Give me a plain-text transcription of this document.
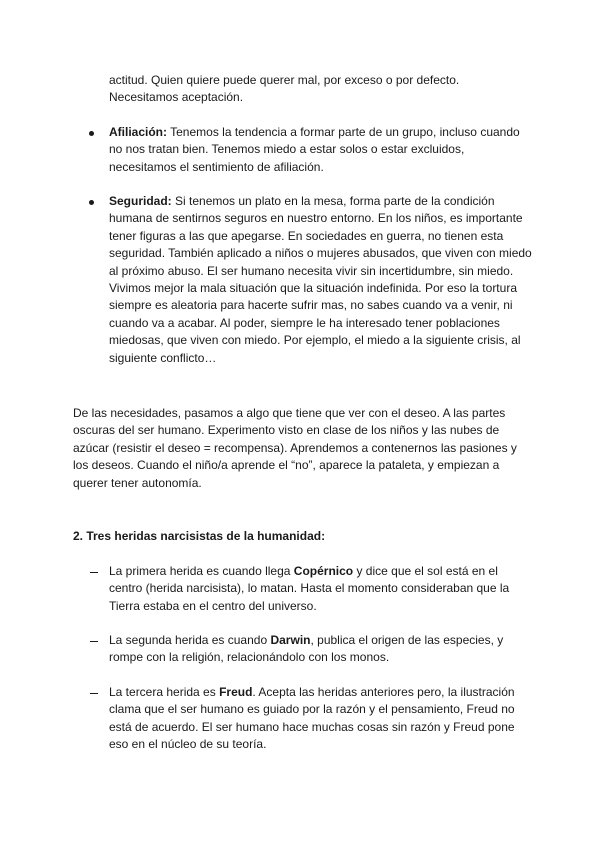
actitud. Quien quiere puede querer mal, por exceso o por defecto. Necesitamos aceptación.
Afiliación: Tenemos la tendencia a formar parte de un grupo, incluso cuando no nos tratan bien. Tenemos miedo a estar solos o estar excluidos, necesitamos el sentimiento de afiliación.
Seguridad: Si tenemos un plato en la mesa, forma parte de la condición humana de sentirnos seguros en nuestro entorno. En los niños, es importante tener figuras a las que apegarse. En sociedades en guerra, no tienen esta seguridad. También aplicado a niños o mujeres abusados, que viven con miedo al próximo abuso. El ser humano necesita vivir sin incertidumbre, sin miedo. Vivimos mejor la mala situación que la situación indefinida. Por eso la tortura siempre es aleatoria para hacerte sufrir mas, no sabes cuando va a venir, ni cuando va a acabar. Al poder, siempre le ha interesado tener poblaciones miedosas, que viven con miedo. Por ejemplo, el miedo a la siguiente crisis, al siguiente conflicto…
De las necesidades, pasamos a algo que tiene que ver con el deseo. A las partes oscuras del ser humano. Experimento visto en clase de los niños y las nubes de azúcar (resistir el deseo = recompensa). Aprendemos a contenernos las pasiones y los deseos. Cuando el niño/a aprende el “no”, aparece la pataleta, y empiezan a querer tener autonomía.
2. Tres heridas narcisistas de la humanidad:
La primera herida es cuando llega Copérnico y dice que el sol está en el centro (herida narcisista), lo matan. Hasta el momento consideraban que la Tierra estaba en el centro del universo.
La segunda herida es cuando Darwin, publica el origen de las especies, y rompe con la religión, relacionándolo con los monos.
La tercera herida es Freud. Acepta las heridas anteriores pero, la ilustración clama que el ser humano es guiado por la razón y el pensamiento, Freud no está de acuerdo. El ser humano hace muchas cosas sin razón y Freud pone eso en el núcleo de su teoría.
